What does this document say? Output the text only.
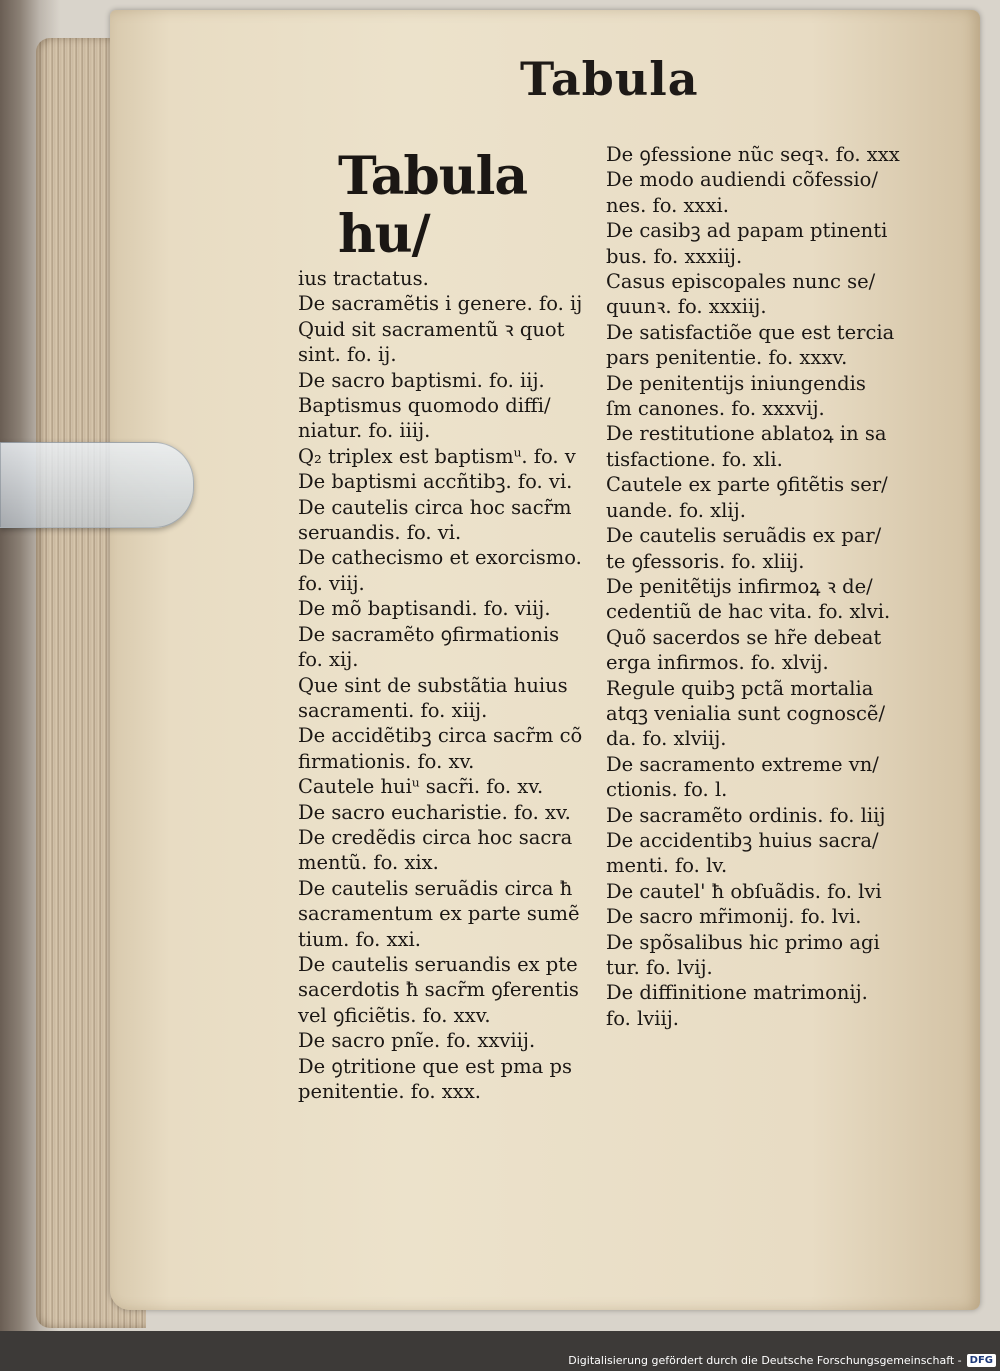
Tabula
Tabula hu/
ius tractatus.
De sacramẽtis i genere. fo. ij
Quid sit sacramentũ ꝛ quot
sint. fo. ij.
De sacro baptismi. fo. iij.
Baptismus quomodo diffi/
niatur. fo. iiij.
Q₂ triplex est baptismᵘ. fo. v
De baptismi accñtibꝫ. fo. vi.
De cautelis circa hoc sacr̃m
seruandis. fo. vi.
De cathecismo et exorcismo.
fo. viij.
De mõ baptisandi. fo. viij.
De sacramẽto ꝯfirmationis
fo. xij.
Que sint de substãtia huius
sacramenti. fo. xiij.
De accidẽtibꝫ circa sacr̃m cõ
firmationis. fo. xv.
Cautele huiᵘ sacr̃i. fo. xv.
De sacro eucharistie. fo. xv.
De credẽdis circa hoc sacra
mentũ. fo. xix.
De cautelis seruãdis circa ħ
sacramentum ex parte sumẽ
tium. fo. xxi.
De cautelis seruandis ex pte
sacerdotis ħ sacr̃m ꝯferentis
vel ꝯficiẽtis. fo. xxv.
De sacro pnĩe. fo. xxviij.
De ꝯtritione que est pma ps
penitentie. fo. xxx.
De ꝯfessione nũc seqꝛ. fo. xxx
De modo audiendi cõfessio/
nes. fo. xxxi.
De casibꝫ ad papam ptinenti
bus. fo. xxxiij.
Casus episcopales nunc se/
quunꝛ. fo. xxxiij.
De satisfactiõe que est tercia
pars penitentie. fo. xxxv.
De penitentijs iniungendis
ſm canones. fo. xxxvij.
De restitutione ablatoꝝ in sa
tisfactione. fo. xli.
Cautele ex parte ꝯfitẽtis ser/
uande. fo. xlij.
De cautelis seruãdis ex par/
te ꝯfessoris. fo. xliij.
De penitẽtijs infirmoꝝ ꝛ de/
cedentiũ de hac vita. fo. xlvi.
Quõ sacerdos se hr̃e debeat
erga infirmos. fo. xlvij.
Regule quibꝫ pctã mortalia
atqꝫ venialia sunt cognoscẽ/
da. fo. xlviij.
De sacramento extreme vn/
ctionis. fo. l.
De sacramẽto ordinis. fo. liij
De accidentibꝫ huius sacra/
menti. fo. lv.
De cautel' ħ obſuãdis. fo. lvi
De sacro mr̃imonij. fo. lvi.
De spõsalibus hic primo agi
tur. fo. lvij.
De diffinitione matrimonij.
fo. lviij.
Digitalisierung gefördert durch die Deutsche Forschungsgemeinschaft - DFG
